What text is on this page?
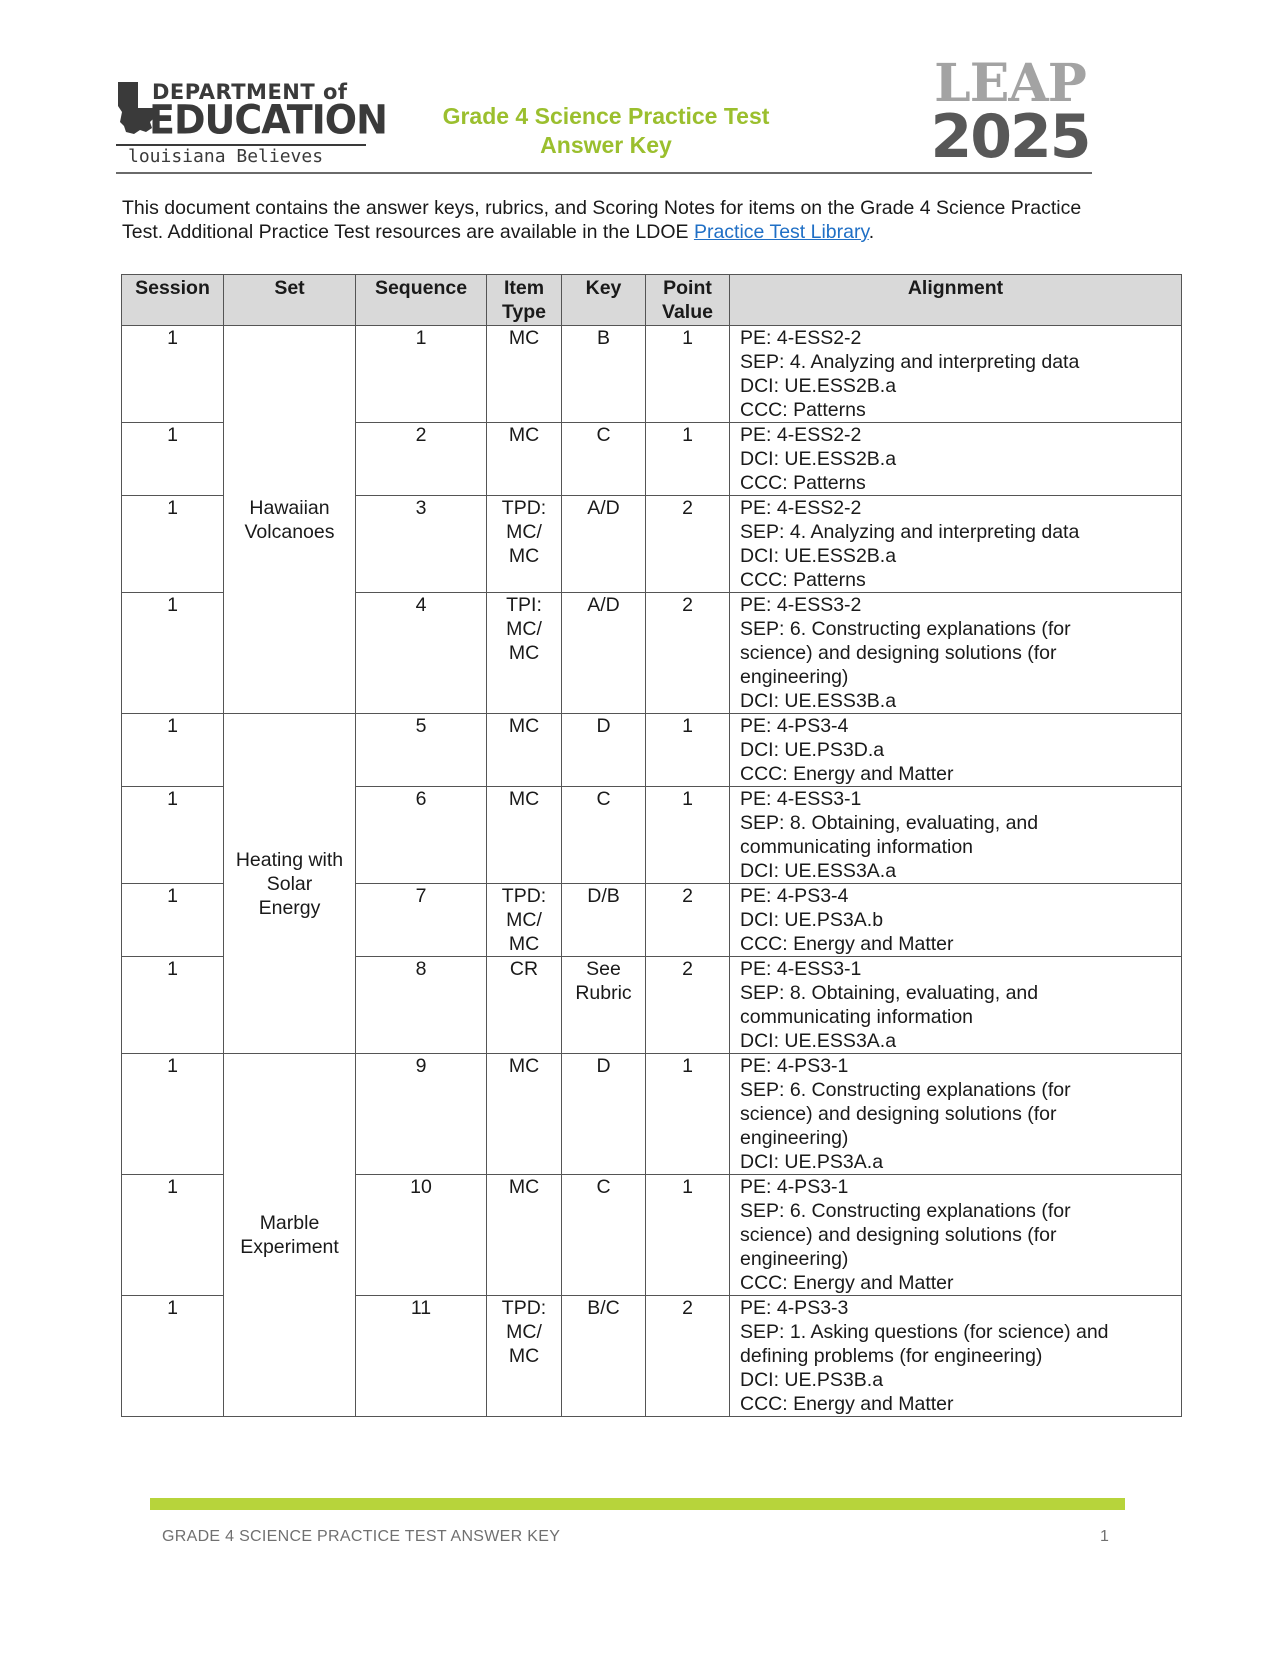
DEPARTMENT of
EDUCATION
louisiana Believes
Grade 4 Science Practice Test
Answer Key
LEAP
2025
This document contains the answer keys, rubrics, and Scoring Notes for items on the Grade 4 Science Practice Test. Additional Practice Test resources are available in the LDOE Practice Test Library.
Session	Set	Sequence	Item Type	Key	Point Value	Alignment
1	Hawaiian Volcanoes	1	MC	B	1	PE: 4-ESS2-2
SEP: 4. Analyzing and interpreting data
DCI: UE.ESS2B.a
CCC: Patterns

1		2	MC	C	1	PE: 4-ESS2-2
DCI: UE.ESS2B.a
CCC: Patterns

1		3	TPD: MC/ MC	A/D	2	PE: 4-ESS2-2
SEP: 4. Analyzing and interpreting data
DCI: UE.ESS2B.a
CCC: Patterns

1		4	TPI: MC/ MC	A/D	2	PE: 4-ESS3-2
SEP: 6. Constructing explanations (for
science) and designing solutions (for
engineering)
DCI: UE.ESS3B.a

1	Heating with Solar Energy	5	MC	D	1	PE: 4-PS3-4
DCI: UE.PS3D.a
CCC: Energy and Matter

1		6	MC	C	1	PE: 4-ESS3-1
SEP: 8. Obtaining, evaluating, and
communicating information
DCI: UE.ESS3A.a

1		7	TPD: MC/ MC	D/B	2	PE: 4-PS3-4
DCI: UE.PS3A.b
CCC: Energy and Matter

1		8	CR	See Rubric	2	PE: 4-ESS3-1
SEP: 8. Obtaining, evaluating, and
communicating information
DCI: UE.ESS3A.a

1	Marble Experiment	9	MC	D	1	PE: 4-PS3-1
SEP: 6. Constructing explanations (for
science) and designing solutions (for
engineering)
DCI: UE.PS3A.a

1		10	MC	C	1	PE: 4-PS3-1
SEP: 6. Constructing explanations (for
science) and designing solutions (for
engineering)
CCC: Energy and Matter

1		11	TPD: MC/ MC	B/C	2	PE: 4-PS3-3
SEP: 1. Asking questions (for science) and
defining problems (for engineering)
DCI: UE.PS3B.a
CCC: Energy and Matter
GRADE 4 SCIENCE PRACTICE TEST ANSWER KEY	1
